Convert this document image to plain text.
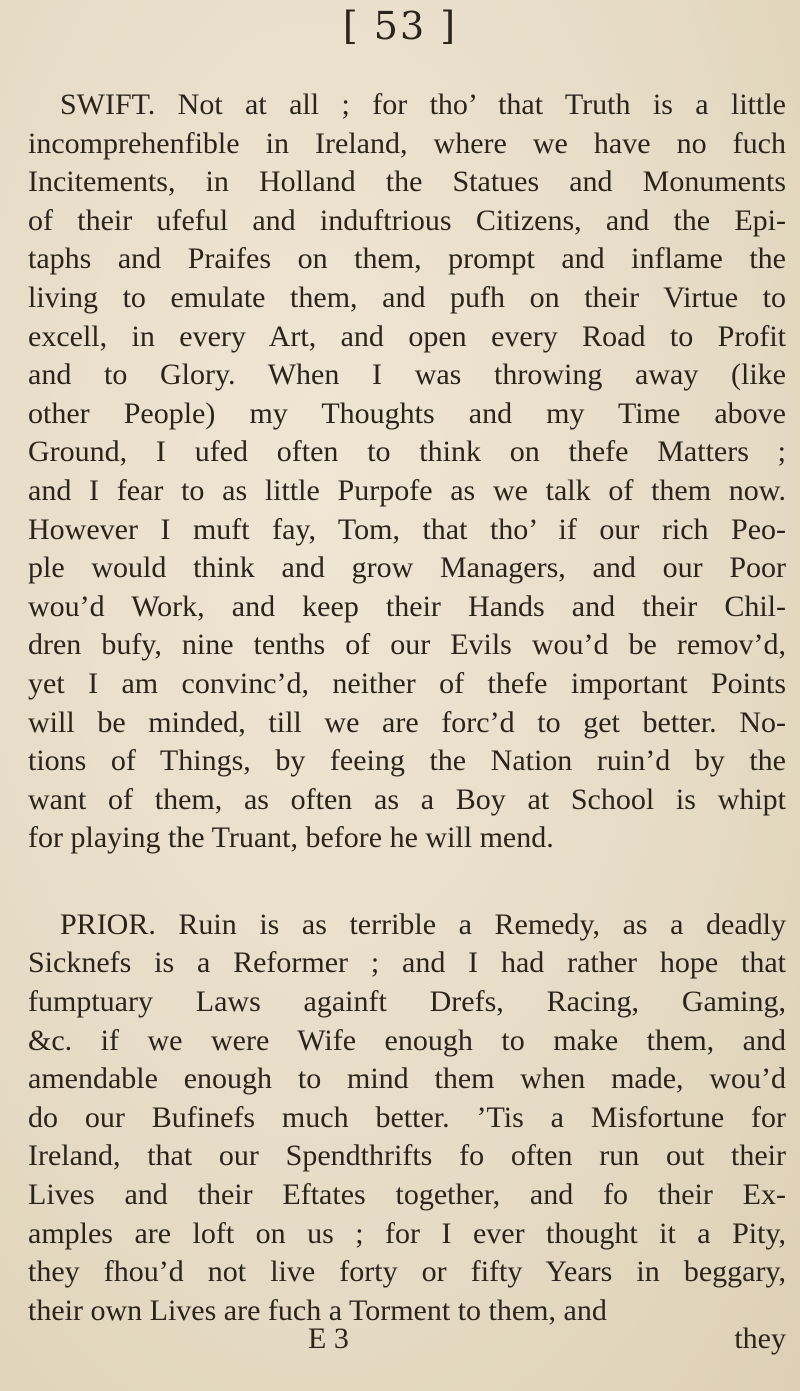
[ 53 ]

SWIFT. Not at all ; for tho’ that Truth is a little

incomprehenfible in Ireland, where we have no fuch

Incitements, in Holland the Statues and Monuments

of their ufeful and induftrious Citizens, and the Epi-

taphs and Praifes on them, prompt and inflame the

living to emulate them, and pufh on their Virtue to

excell, in every Art, and open every Road to Profit

and to Glory. When I was throwing away (like

other People) my Thoughts and my Time above

Ground, I ufed often to think on thefe Matters ;

and I fear to as little Purpofe as we talk of them now.

However I muft fay, Tom, that tho’ if our rich Peo-

ple would think and grow Managers, and our Poor

wou’d Work, and keep their Hands and their Chil-

dren bufy, nine tenths of our Evils wou’d be remov’d,

yet I am convinc’d, neither of thefe important Points

will be minded, till we are forc’d to get better. No-

tions of Things, by feeing the Nation ruin’d by the

want of them, as often as a Boy at School is whipt

for playing the Truant, before he will mend.

PRIOR. Ruin is as terrible a Remedy, as a deadly

Sicknefs is a Reformer ; and I had rather hope that

fumptuary Laws againft Drefs, Racing, Gaming,

&c. if we were Wife enough to make them, and

amendable enough to mind them when made, wou’d

do our Bufinefs much better. ’Tis a Misfortune for

Ireland, that our Spendthrifts fo often run out their

Lives and their Eftates together, and fo their Ex-

amples are loft on us ; for I ever thought it a Pity,

they fhou’d not live forty or fifty Years in beggary,

their own Lives are fuch a Torment to them, and

E 3	they
